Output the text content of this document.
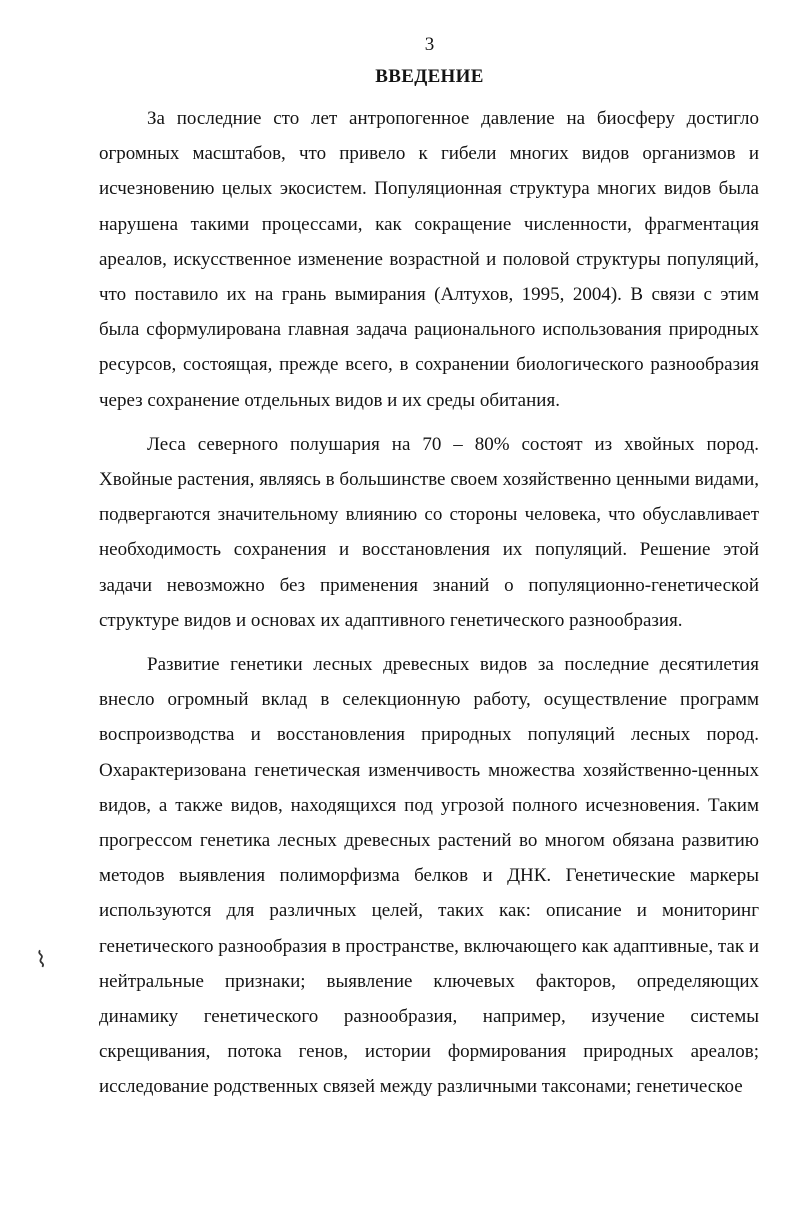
3
ВВЕДЕНИЕ

За последние сто лет антропогенное давление на биосферу достигло огромных масштабов, что привело к гибели многих видов организмов и исчезновению целых экосистем. Популяционная структура многих видов была нарушена такими процессами, как сокращение численности, фрагментация ареалов, искусственное изменение возрастной и половой структуры популяций, что поставило их на грань вымирания (Алтухов, 1995, 2004). В связи с этим была сформулирована главная задача рационального использования природных ресурсов, состоящая, прежде всего, в сохранении биологического разнообразия через сохранение отдельных видов и их среды обитания.

Леса северного полушария на 70 – 80% состоят из хвойных пород. Хвойные растения, являясь в большинстве своем хозяйственно ценными видами, подвергаются значительному влиянию со стороны человека, что обуславливает необходимость сохранения и восстановления их популяций. Решение этой задачи невозможно без применения знаний о популяционно-генетической структуре видов и основах их адаптивного генетического разнообразия.

Развитие генетики лесных древесных видов за последние десятилетия внесло огромный вклад в селекционную работу, осуществление программ воспроизводства и восстановления природных популяций лесных пород. Охарактеризована генетическая изменчивость множества хозяйственно-ценных видов, а также видов, находящихся под угрозой полного исчезновения. Таким прогрессом генетика лесных древесных растений во многом обязана развитию методов выявления полиморфизма белков и ДНК. Генетические маркеры используются для различных целей, таких как: описание и мониторинг генетического разнообразия в пространстве, включающего как адаптивные, так и нейтральные признаки; выявление ключевых факторов, определяющих динамику генетического разнообразия, например, изучение системы скрещивания, потока генов, истории формирования природных ареалов; исследование родственных связей между различными таксонами; генетическое

⌇
